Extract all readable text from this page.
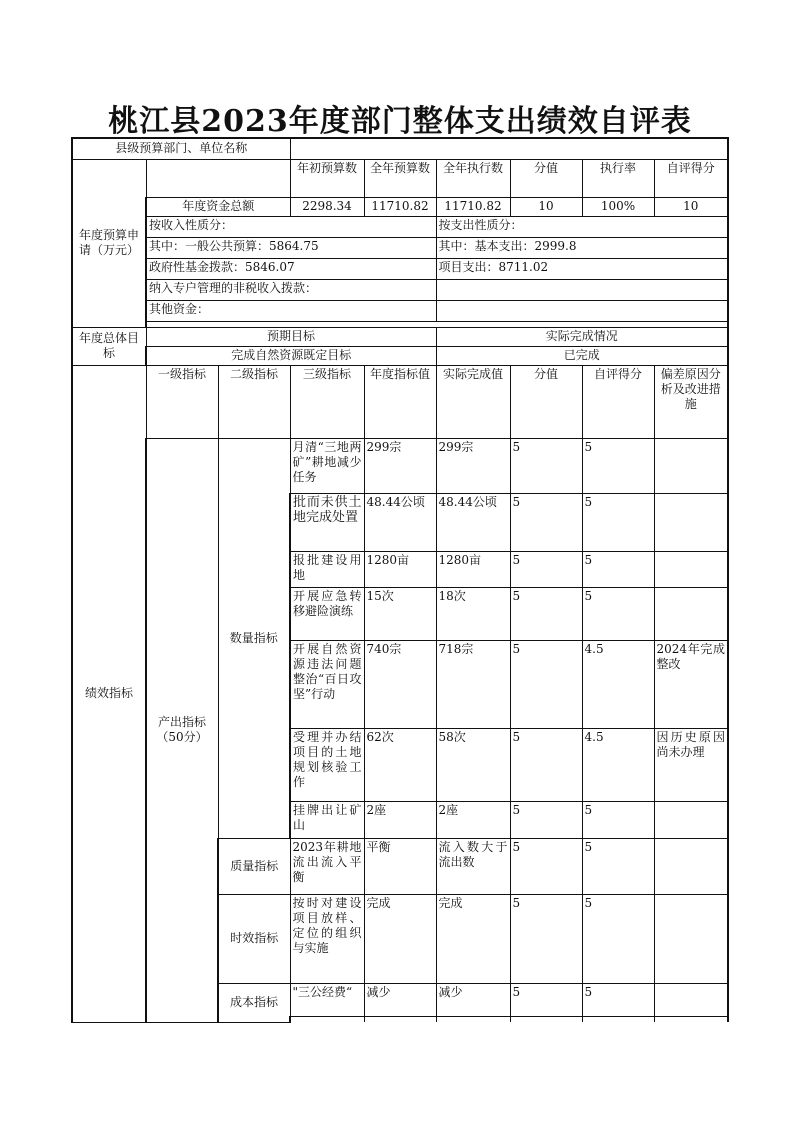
桃江县2023年度部门整体支出绩效自评表
县级预算部门、单位名称								
年度预算申请（万元）			年初预算数	全年预算数	全年执行数	分值	执行率	自评得分
	年度资金总额		2298.34	11710.82	11710.82	10	100%	10
	按收入性质分：				按支出性质分：			
	其中：一般公共预算：5864.75				其中：基本支出：2999.8			
	政府性基金拨款：5846.07				项目支出：8711.02			
	纳入专户管理的非税收入拨款：							
	其他资金：							

年度总体目标	预期目标				实际完成情况			
	完成自然资源既定目标				已完成			
绩效指标	一级指标	二级指标	三级指标	年度指标值	实际完成值	分值	自评得分	偏差原因分析及改进措施
	产出指标（50分）	数量指标	月清“三地两矿”耕地减少任务	299宗	299宗	5	5	
			批而未供土地完成处置	48.44公顷	48.44公顷	5	5	
			报批建设用地	1280亩	1280亩	5	5	
			开展应急转移避险演练	15次	18次	5	5	
			开展自然资源违法问题整治“百日攻坚”行动	740宗	718宗	5	4.5	2024年完成整改
			受理并办结项目的土地规划核验工作	62次	58次	5	4.5	因历史原因尚未办理
			挂牌出让矿山	2座	2座	5	5	
		质量指标	2023年耕地流出流入平衡	平衡	流入数大于流出数	5	5	
		时效指标	按时对建设项目放样、定位的组织与实施	完成	完成	5	5	
		成本指标	"三公经费“	减少	减少	5	5	
